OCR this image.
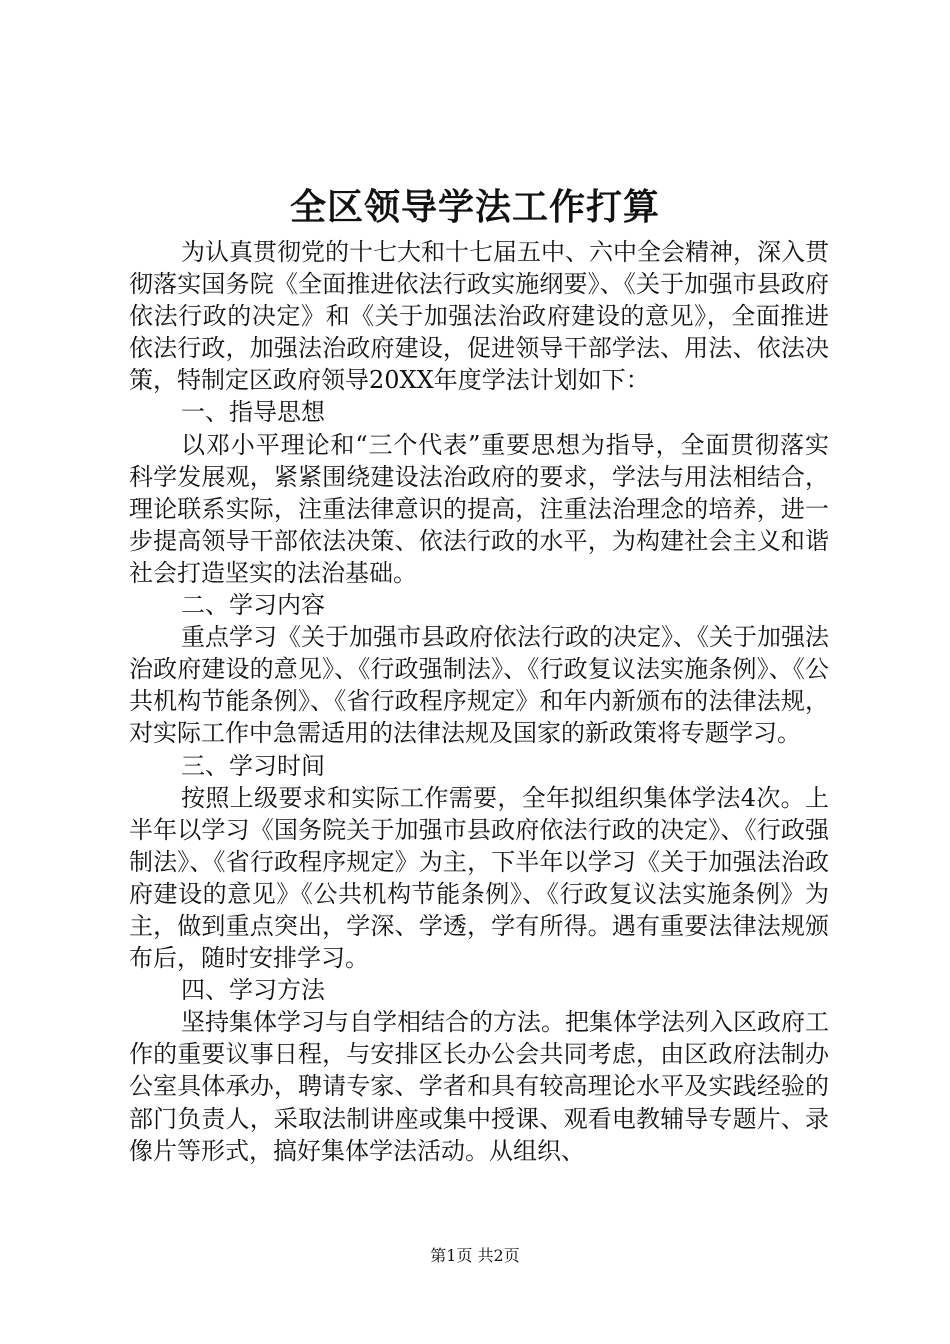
全区领导学法工作打算

为认真贯彻党的十七大和十七届五中、六中全会精神，深入贯彻落实国务院《全面推进依法行政实施纲要》、《关于加强市县政府依法行政的决定》和《关于加强法治政府建设的意见》，全面推进依法行政，加强法治政府建设，促进领导干部学法、用法、依法决策，特制定区政府领导20XX年度学法计划如下：

一、指导思想

以邓小平理论和“三个代表”重要思想为指导，全面贯彻落实科学发展观，紧紧围绕建设法治政府的要求，学法与用法相结合，理论联系实际，注重法律意识的提高，注重法治理念的培养，进一步提高领导干部依法决策、依法行政的水平，为构建社会主义和谐社会打造坚实的法治基础。

二、学习内容

重点学习《关于加强市县政府依法行政的决定》、《关于加强法治政府建设的意见》、《行政强制法》、《行政复议法实施条例》、《公共机构节能条例》、《省行政程序规定》和年内新颁布的法律法规，对实际工作中急需适用的法律法规及国家的新政策将专题学习。

三、学习时间

按照上级要求和实际工作需要，全年拟组织集体学法4次。上半年以学习《国务院关于加强市县政府依法行政的决定》、《行政强制法》、《省行政程序规定》为主，下半年以学习《关于加强法治政府建设的意见》《公共机构节能条例》、《行政复议法实施条例》为主，做到重点突出，学深、学透，学有所得。遇有重要法律法规颁布后，随时安排学习。

四、学习方法

坚持集体学习与自学相结合的方法。把集体学法列入区政府工作的重要议事日程，与安排区长办公会共同考虑，由区政府法制办公室具体承办，聘请专家、学者和具有较高理论水平及实践经验的部门负责人，采取法制讲座或集中授课、观看电教辅导专题片、录像片等形式，搞好集体学法活动。从组织、

第1页 共2页
